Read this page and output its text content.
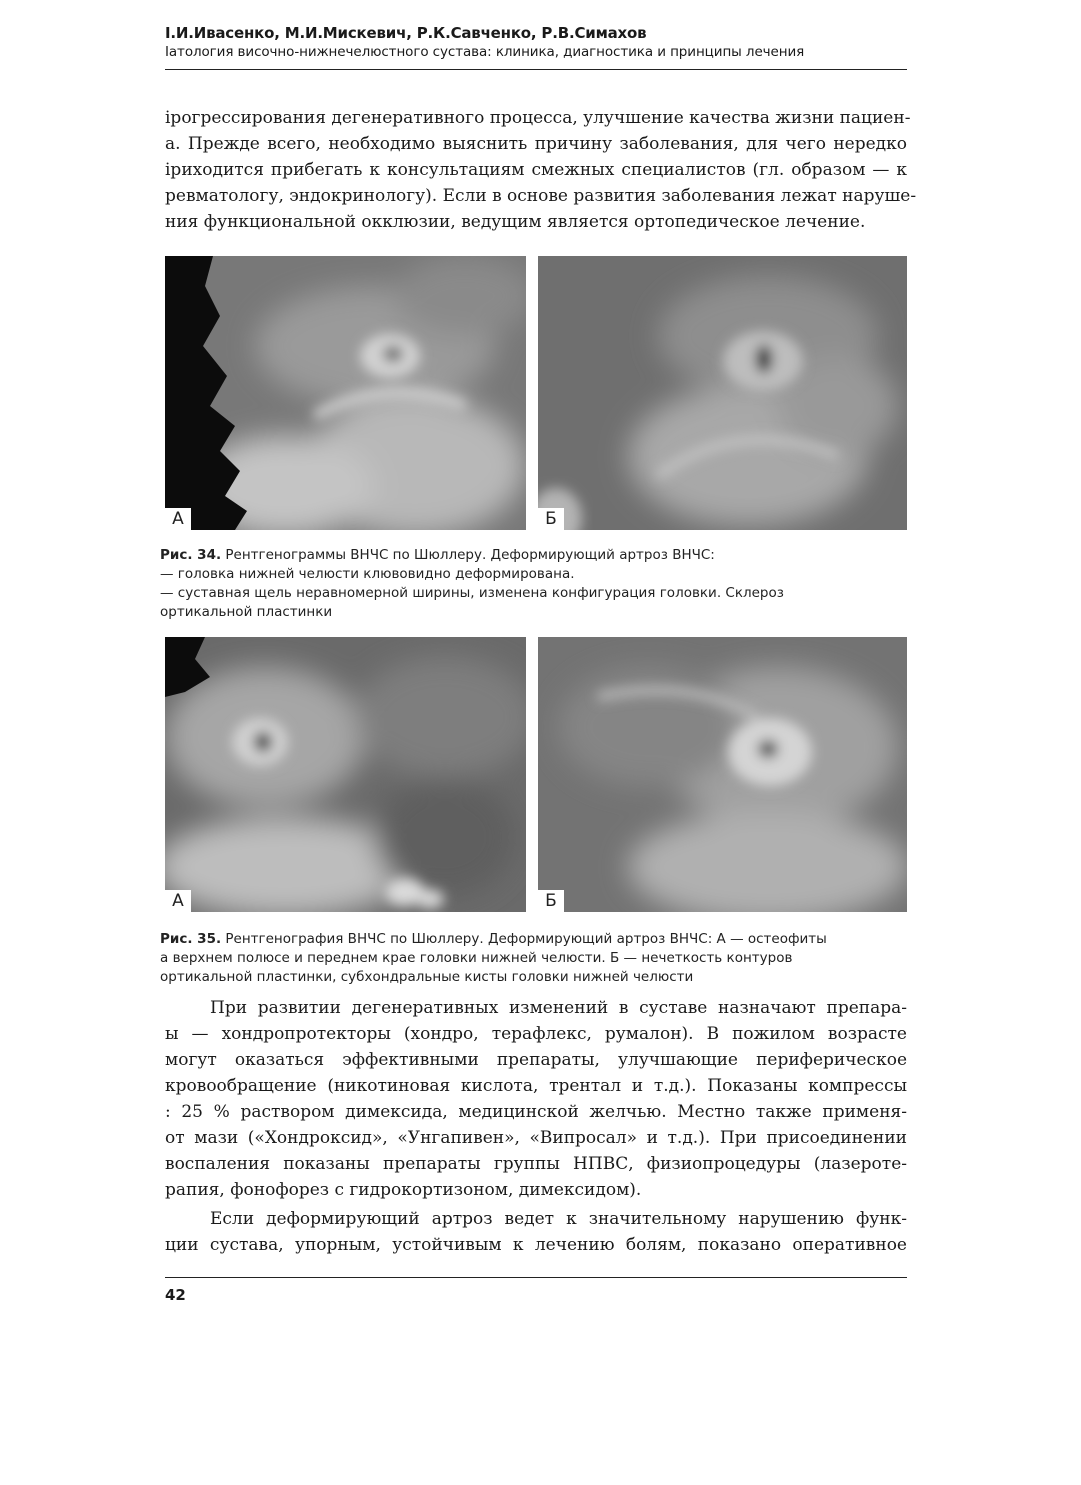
І.И.Ивасенко, М.И.Мискевич, Р.К.Савченко, Р.В.Симахов
Іатология височно-нижнечелюстного сустава: клиника, диагностика и принципы лечения

ірогрессирования дегенеративного процесса, улучшение качества жизни пациен-
а. Прежде всего, необходимо выяснить причину заболевания, для чего нередко
іриходится прибегать к консультациям смежных специалистов (гл. образом — к
ревматологу, эндокринологу). Если в основе развития заболевания лежат наруше-
ния функциональной окклюзии, ведущим является ортопедическое лечение.

А	Б
Рис. 34. Рентгенограммы ВНЧС по Шюллеру. Деформирующий артроз ВНЧС:
— головка нижней челюсти клювовидно деформирована.
— суставная щель неравномерной ширины, изменена конфигурация головки. Склероз
ортикальной пластинки
А	Б
Рис. 35. Рентгенография ВНЧС по Шюллеру. Деформирующий артроз ВНЧС: А — остеофиты
а верхнем полюсе и переднем крае головки нижней челюсти. Б — нечеткость контуров
ортикальной пластинки, субхондральные кисты головки нижней челюсти

При развитии дегенеративных изменений в суставе назначают препара-
ы — хондропротекторы (хондро, терафлекс, румалон). В пожилом возрасте
могут оказаться эффективными препараты, улучшающие периферическое
кровообращение (никотиновая кислота, трентал и т.д.). Показаны компрессы
: 25 % раствором димексида, медицинской желчью. Местно также применя-
от мази («Хондроксид», «Унгапивен», «Випросал» и т.д.). При присоединении
воспаления показаны препараты группы НПВС, физиопроцедуры (лазероте-
рапия, фонофорез с гидрокортизоном, димексидом).

Если деформирующий артроз ведет к значительному нарушению функ-
ции сустава, упорным, устойчивым к лечению болям, показано оперативное

42
